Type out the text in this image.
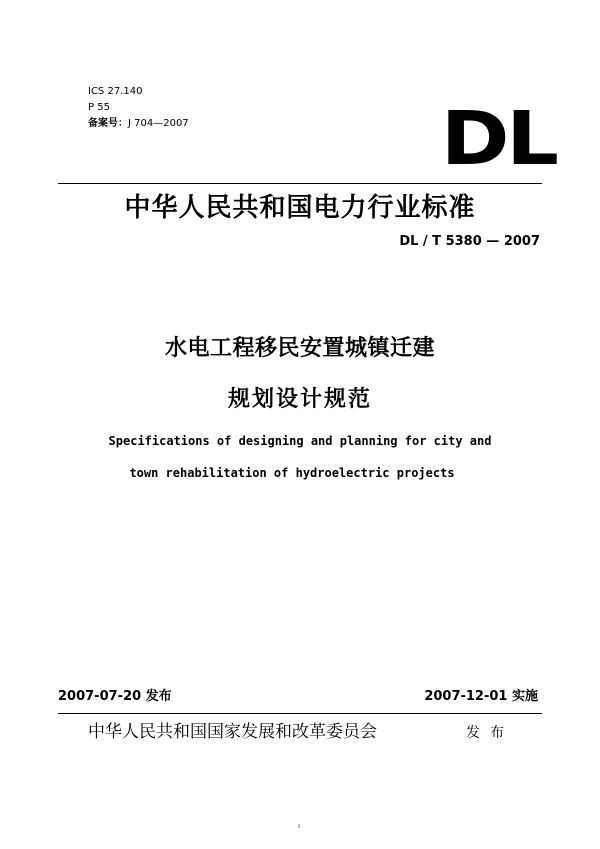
ICS 27.140
P 55
备案号：J 704—2007	DL
中华人民共和国电力行业标准
DL / T 5380 — 2007
水电工程移民安置城镇迁建
规划设计规范
Specifications of designing and planning for city and
town rehabilitation of hydroelectric projects
2007-07-20 发布	2007-12-01 实施
中华人民共和国国家发展和改革委员会	发布
ı
